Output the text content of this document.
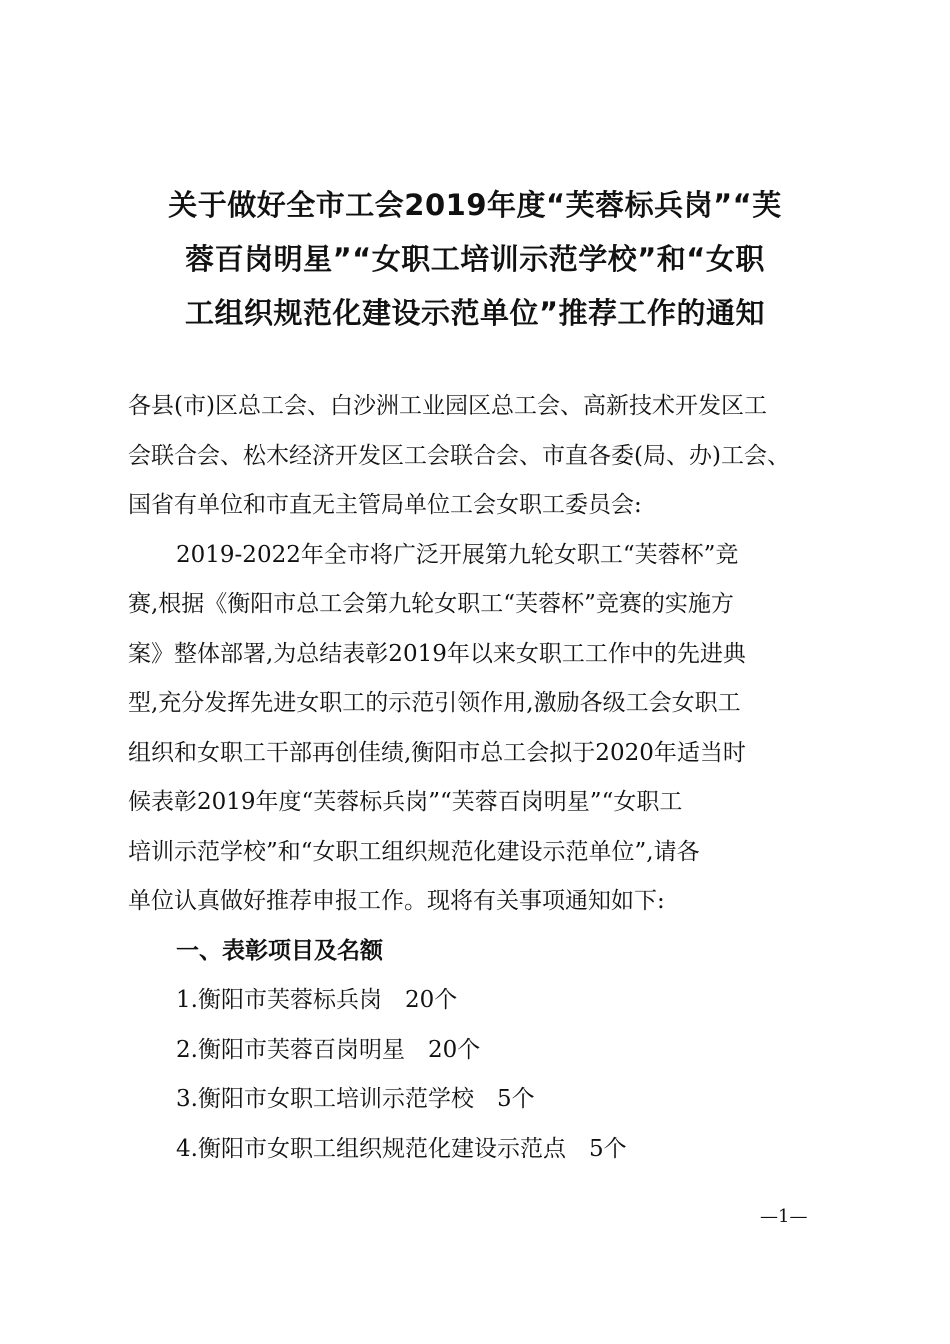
关于做好全市工会2019年度“芙蓉标兵岗”“芙
蓉百岗明星”“女职工培训示范学校”和“女职
工组织规范化建设示范单位”推荐工作的通知
各县(市)区总工会、白沙洲工业园区总工会、高新技术开发区工
会联合会、松木经济开发区工会联合会、市直各委(局、办)工会、
国省有单位和市直无主管局单位工会女职工委员会:
2019-2022年全市将广泛开展第九轮女职工“芙蓉杯”竞
赛,根据《衡阳市总工会第九轮女职工“芙蓉杯”竞赛的实施方
案》整体部署,为总结表彰2019年以来女职工工作中的先进典
型,充分发挥先进女职工的示范引领作用,激励各级工会女职工
组织和女职工干部再创佳绩,衡阳市总工会拟于2020年适当时
候表彰2019年度“芙蓉标兵岗”“芙蓉百岗明星”“女职工
培训示范学校”和“女职工组织规范化建设示范单位”,请各
单位认真做好推荐申报工作。现将有关事项通知如下:
一、表彰项目及名额
1.衡阳市芙蓉标兵岗　20个
2.衡阳市芙蓉百岗明星　20个
3.衡阳市女职工培训示范学校　5个
4.衡阳市女职工组织规范化建设示范点　5个
—1—
